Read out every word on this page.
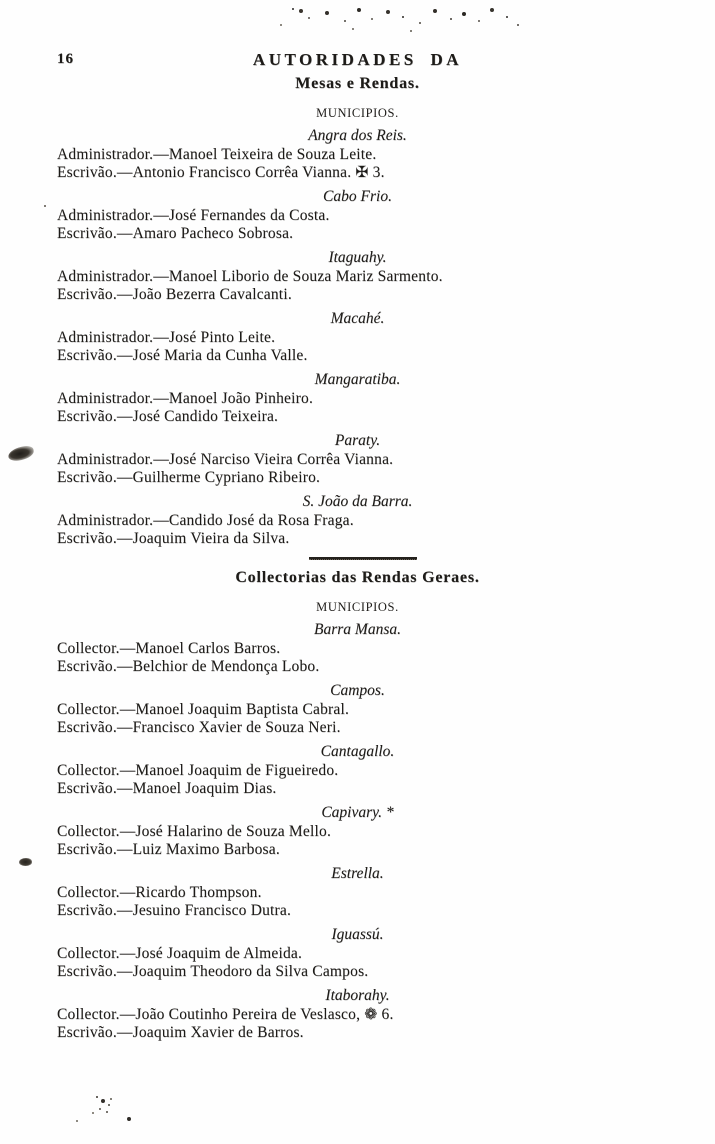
16	AUTORIDADES DA
Mesas e Rendas.
MUNICIPIOS.
Angra dos Reis.
Administrador.—Manoel Teixeira de Souza Leite.
Escrivão.—Antonio Francisco Corrêa Vianna. ✠ 3.
Cabo Frio.
Administrador.—José Fernandes da Costa.
Escrivão.—Amaro Pacheco Sobrosa.
Itaguahy.
Administrador.—Manoel Liborio de Souza Mariz Sarmento.
Escrivão.—João Bezerra Cavalcanti.
Macahé.
Administrador.—José Pinto Leite.
Escrivão.—José Maria da Cunha Valle.
Mangaratiba.
Administrador.—Manoel João Pinheiro.
Escrivão.—José Candido Teixeira.
Paraty.
Administrador.—José Narciso Vieira Corrêa Vianna.
Escrivão.—Guilherme Cypriano Ribeiro.
S. João da Barra.
Administrador.—Candido José da Rosa Fraga.
Escrivão.—Joaquim Vieira da Silva.
Collectorias das Rendas Geraes.
MUNICIPIOS.
Barra Mansa.
Collector.—Manoel Carlos Barros.
Escrivão.—Belchior de Mendonça Lobo.
Campos.
Collector.—Manoel Joaquim Baptista Cabral.
Escrivão.—Francisco Xavier de Souza Neri.
Cantagallo.
Collector.—Manoel Joaquim de Figueiredo.
Escrivão.—Manoel Joaquim Dias.
Capivary. *
Collector.—José Halarino de Souza Mello.
Escrivão.—Luiz Maximo Barbosa.
Estrella.
Collector.—Ricardo Thompson.
Escrivão.—Jesuino Francisco Dutra.
Iguassú.
Collector.—José Joaquim de Almeida.
Escrivão.—Joaquim Theodoro da Silva Campos.
Itaborahy.
Collector.—João Coutinho Pereira de Veslasco, ❁ 6.
Escrivão.—Joaquim Xavier de Barros.
